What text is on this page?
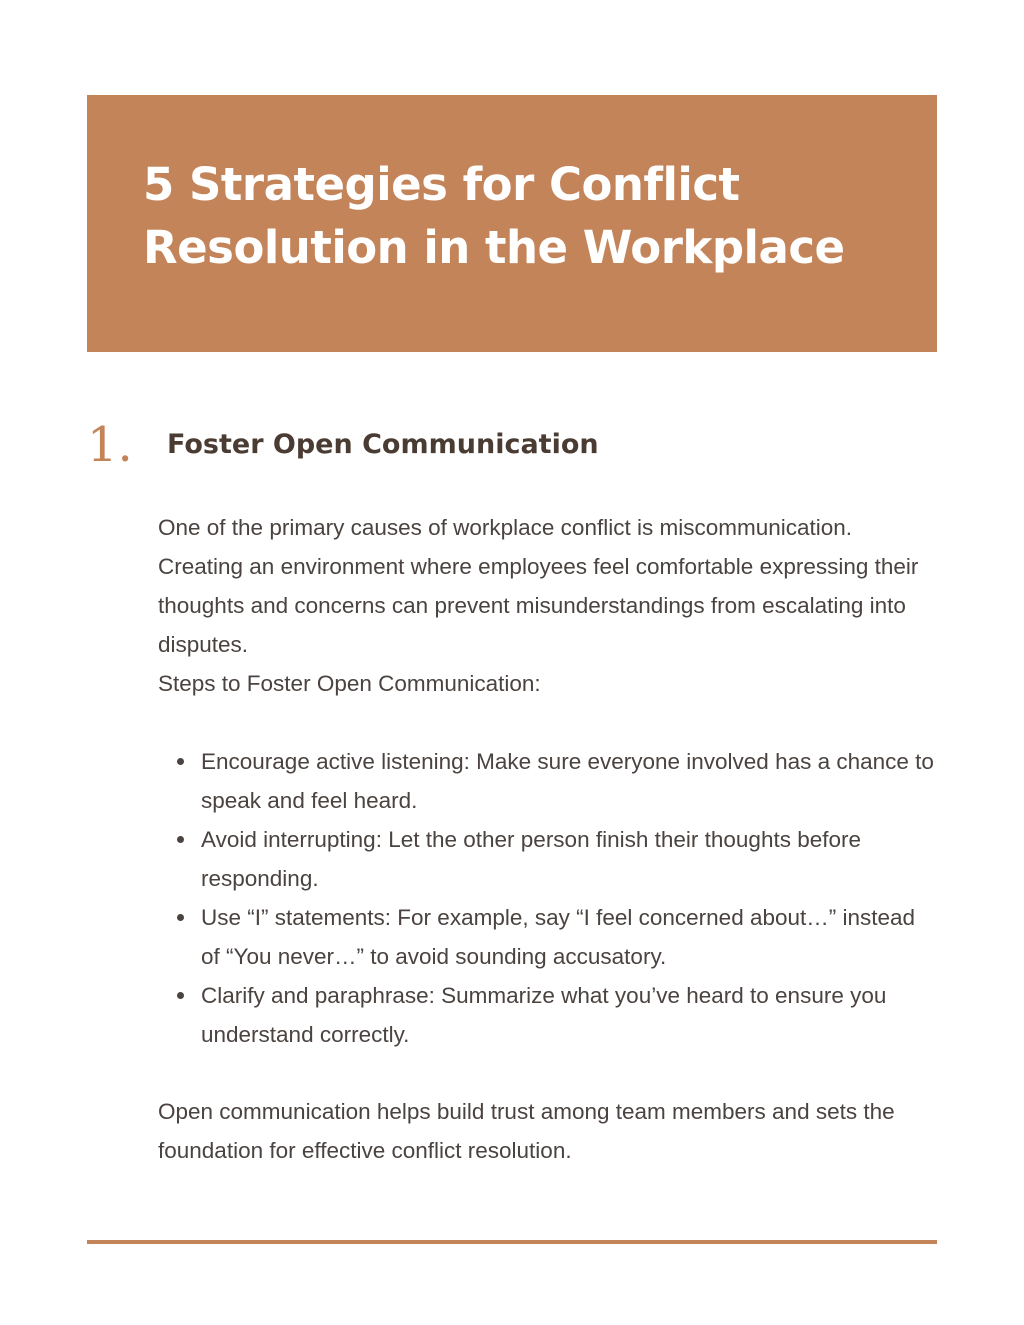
5 Strategies for Conflict Resolution in the Workplace
1. Foster Open Communication
One of the primary causes of workplace conflict is miscommunication. Creating an environment where employees feel comfortable expressing their thoughts and concerns can prevent misunderstandings from escalating into disputes.
Steps to Foster Open Communication:
Encourage active listening: Make sure everyone involved has a chance to speak and feel heard.
Avoid interrupting: Let the other person finish their thoughts before responding.
Use “I” statements: For example, say “I feel concerned about…” instead of “You never…” to avoid sounding accusatory.
Clarify and paraphrase: Summarize what you’ve heard to ensure you understand correctly.

Open communication helps build trust among team members and sets the foundation for effective conflict resolution.
